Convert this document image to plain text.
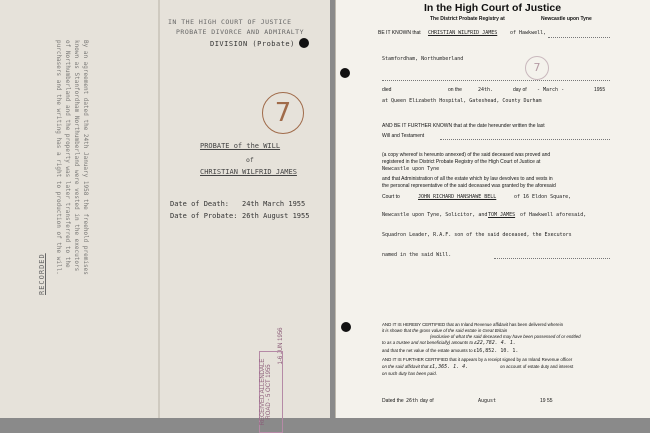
By an agreement dated the 24th January 1958 the freehold premises
known as Stanfordham Northumberland were vested in the executors
of Northumberland and the property was later transferred to the
purchasers and the writing has a right to production of the will.
RECORDED
IN THE HIGH COURT OF JUSTICE
PROBATE DIVORCE AND ADMIRALTY
DIVISION (Probate)
7
PROBATE of the WILL
of
CHRISTIAN WILFRID JAMES
Date of Death: 24th March 1955
Date of Probate: 26th August 1955
1-6 JUN 1956
RECEIVED ALLENDALE ROAD - 5 OCT 1955
In the High Court of Justice
The District Probate Registry at	Newcastle upon Tyne
BE IT KNOWN that CHRISTIAN WILFRID JAMES	of Hawkwell,
Stamfordham, Northumberland
7
died	on the	24th.	day of - March -	1955
at Queen Elizabeth Hospital, Gateshead, County Durham
AND BE IT FURTHER KNOWN that at the date hereunder written the last
Will and Testament
(a copy whereof is hereunto annexed) of the said deceased was proved and
registered in the District Probate Registry of the High Court of Justice at
Newcastle upon Tyne
and that Administration of all the estate which by law devolves to and vests in
the personal representative of the said deceased was granted by the aforesaid
Court to	JOHN RICHARD HANSHAWE BELL	of 16 Eldon Square,
Newcastle upon Tyne, Solicitor, and TOM JAMES of Hawkwell aforesaid,
Squadron Leader, R.A.F. son of the said deceased, the Executors
named in the said Will.
AND IT IS HEREBY CERTIFIED that an Inland Revenue affidavit has been delivered wherein
it is shown that the gross value of the said estate in Great Britain
(exclusive of what the said deceased may have been possessed of or entitled
to as a trustee and not beneficially) amounts to £22,782. 4. 1.
and that the net value of the estate amounts to £16,852. 10. 1.
AND IT IS FURTHER CERTIFIED that it appears by a receipt signed by an Inland Revenue officer
on the said affidavit that £1,365. 1. 4.	on account of estate duty and interest
on such duty has been paid.
Dated the 26th day of	August	19 55
